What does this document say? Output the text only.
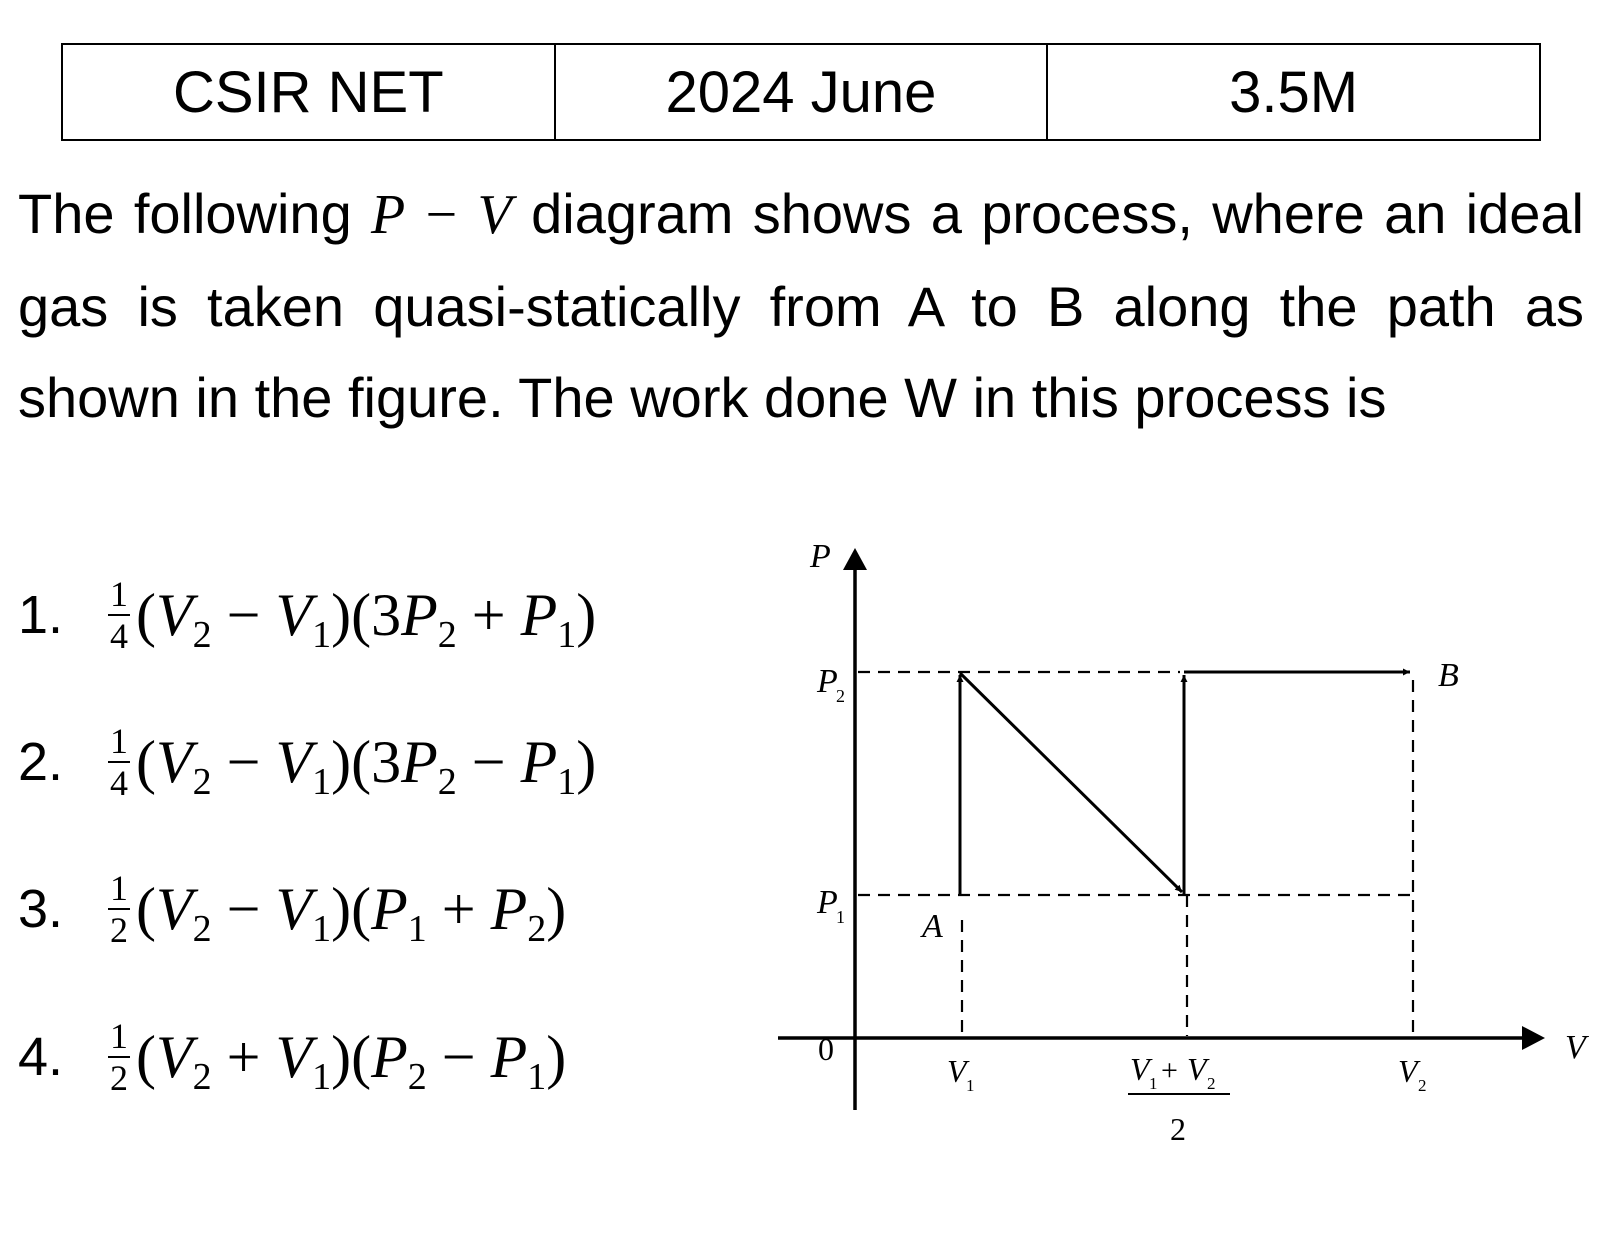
CSIR NET	2024 June	3.5M

The following P − V diagram shows a process, where an ideal gas is taken quasi-statically from A to B along the path as shown in the figure. The work done W in this process is

1.	$\frac{1}{4} (V_2 - V_1)(3P_2 + P_1)$
2.	$\frac{1}{4} (V_2 - V_1)(3P_2 - P_1)$
3.	$\frac{1}{2} (V_2 - V_1)(P_1 + P_2)$
4.	$\frac{1}{2} (V_2 + V_1)(P_2 - P_1)$
P
V
0
P
2
P
1 A
B
V 1	V 1 + V 2
2
V 2
